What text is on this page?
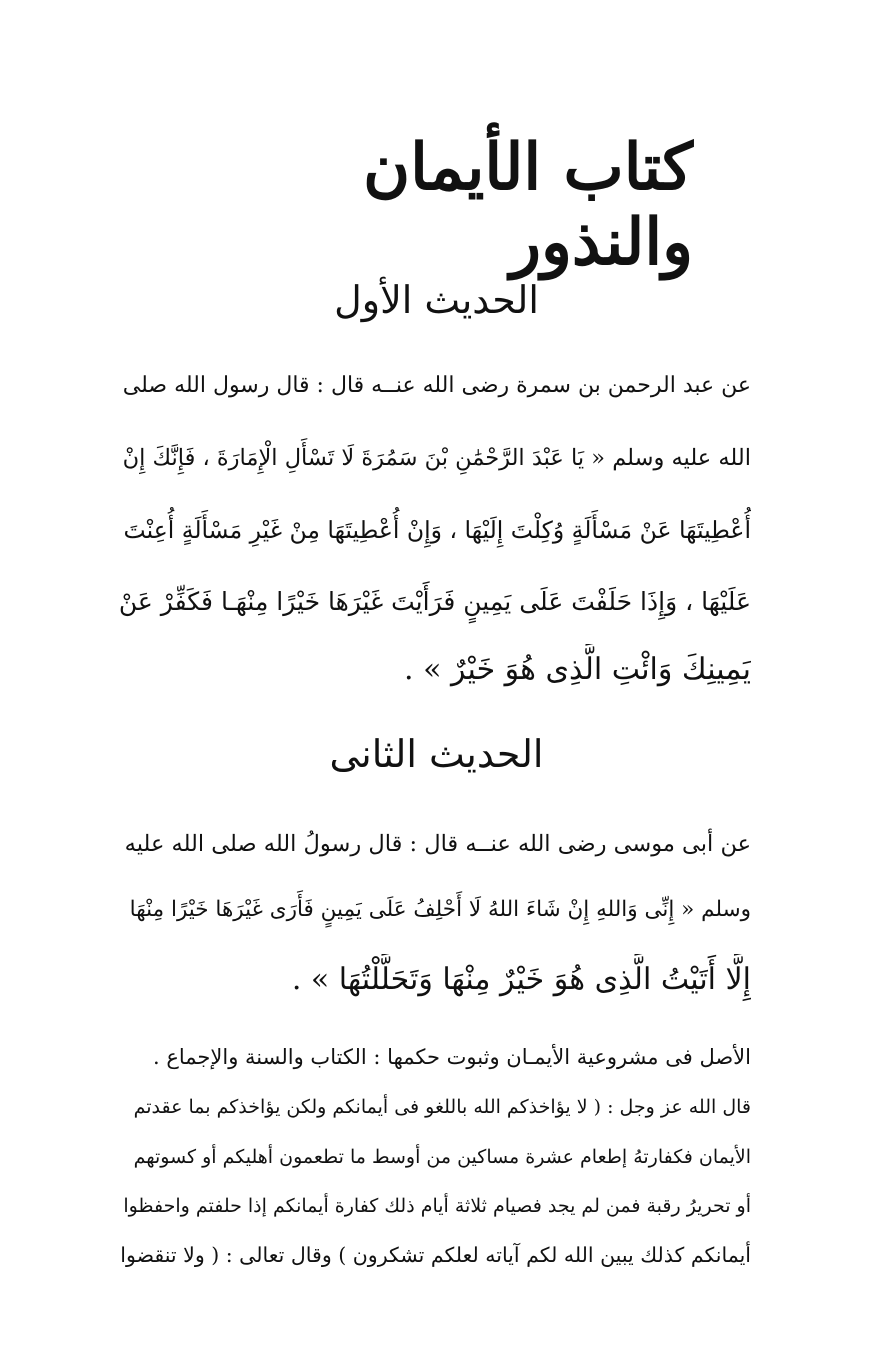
كتاب الأيمان والنذور
الحديث الأول
عن عبد الرحمن بن سمرة رضى الله عنــه قال : قال رسول الله صلى
الله عليه وسلم « يَا عَبْدَ الرَّحْمَٰنِ بْنَ سَمُرَةَ لَا تَسْأَلِ الْإِمَارَةَ ، فَإِنَّكَ إِنْ
أُعْطِيتَهَا عَنْ مَسْأَلَةٍ وُكِلْتَ إِلَيْهَا ، وَإِنْ أُعْطِيتَهَا مِنْ غَيْرِ مَسْأَلَةٍ أُعِنْتَ
عَلَيْهَا ، وَإِذَا حَلَفْتَ عَلَى يَمِينٍ فَرَأَيْتَ غَيْرَهَا خَيْرًا مِنْهَـا فَكَفِّرْ عَنْ
يَمِينِكَ وَائْتِ الَّذِى هُوَ خَيْرٌ » .
الحديث الثانى
عن أبى موسى رضى الله عنــه قال : قال رسولُ الله صلى الله عليه
وسلم « إِنِّى وَاللهِ إِنْ شَاءَ اللهُ لَا أَحْلِفُ عَلَى يَمِينٍ فَأَرَى غَيْرَهَا خَيْرًا مِنْهَا
إِلَّا أَتَيْتُ الَّذِى هُوَ خَيْرٌ مِنْهَا وَتَحَلَّلْتُهَا » .
الأصل فى مشروعية الأيمـان وثبوت حكمها : الكتاب والسنة والإجماع .
قال الله عز وجل : ( لا يؤاخذكم الله باللغو فى أيمانكم ولكن يؤاخذكم بما عقدتم
الأيمان فكفارتهُ إطعام عشرة مساكين من أوسط ما تطعمون أهليكم أو كسوتهم
أو تحريرُ رقبة فمن لم يجد فصيام ثلاثة أيام ذلك كفارة أيمانكم إذا حلفتم واحفظوا
أيمانكم كذلك يبين الله لكم آياته لعلكم تشكرون ) وقال تعالى : ( ولا تنقضوا
